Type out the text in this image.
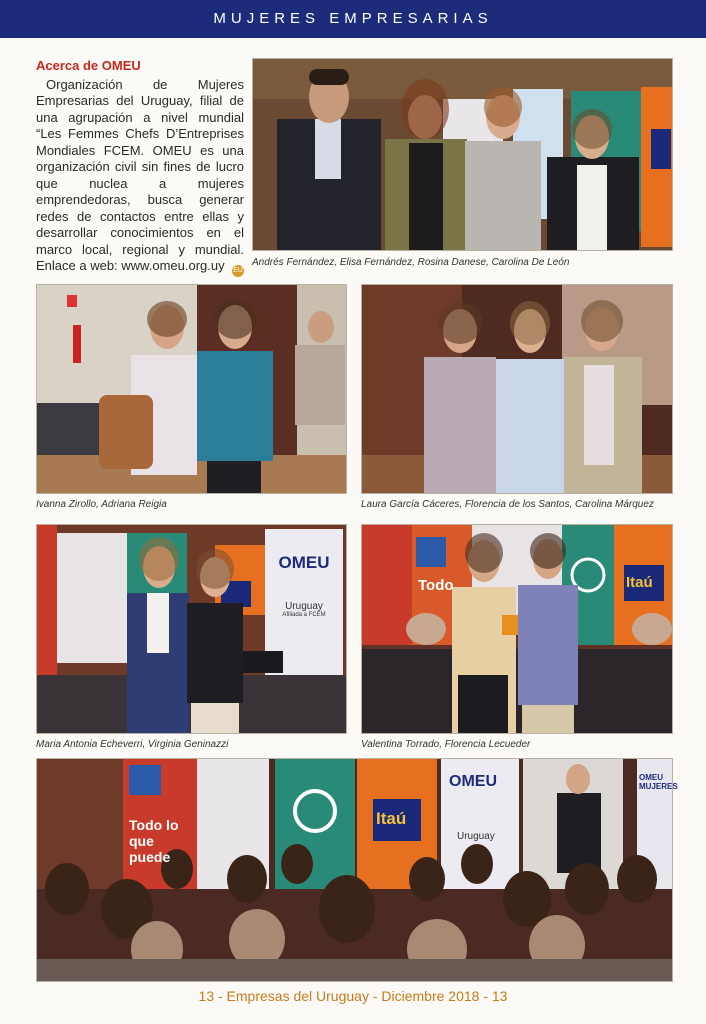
MUJERES EMPRESARIAS
Acerca de OMEU
Organización de Mujeres Empresarias del Uruguay, filial de una agrupación a nivel mundial “Les Femmes Chefs D’Entreprises Mondiales FCEM. OMEU es una organización civil sin fines de lucro que nuclea a mujeres emprendedoras, busca generar redes de contactos entre ellas y desarrollar conocimientos en el marco local, regional y mundial. Enlace a web: www.omeu.org.uy	EU
Andrés Fernández, Elisa Fernández, Rosina Danese, Carolina De León
Ivanna Zirollo, Adriana Reigia	Laura García Cáceres, Florencia de los Santos, Carolina Márquez
OMEU
Uruguay
Afiliada a FCEM
Maria Antonia Echeverri, Virginia Geninazzi
Todo	Itaú
Valentina Torrado, Florencia Lecueder
Todo lo que puede
Itaú
OMEU
Uruguay
OMEU MUJERES
13 - Empresas del Uruguay - Diciembre 2018 - 13
